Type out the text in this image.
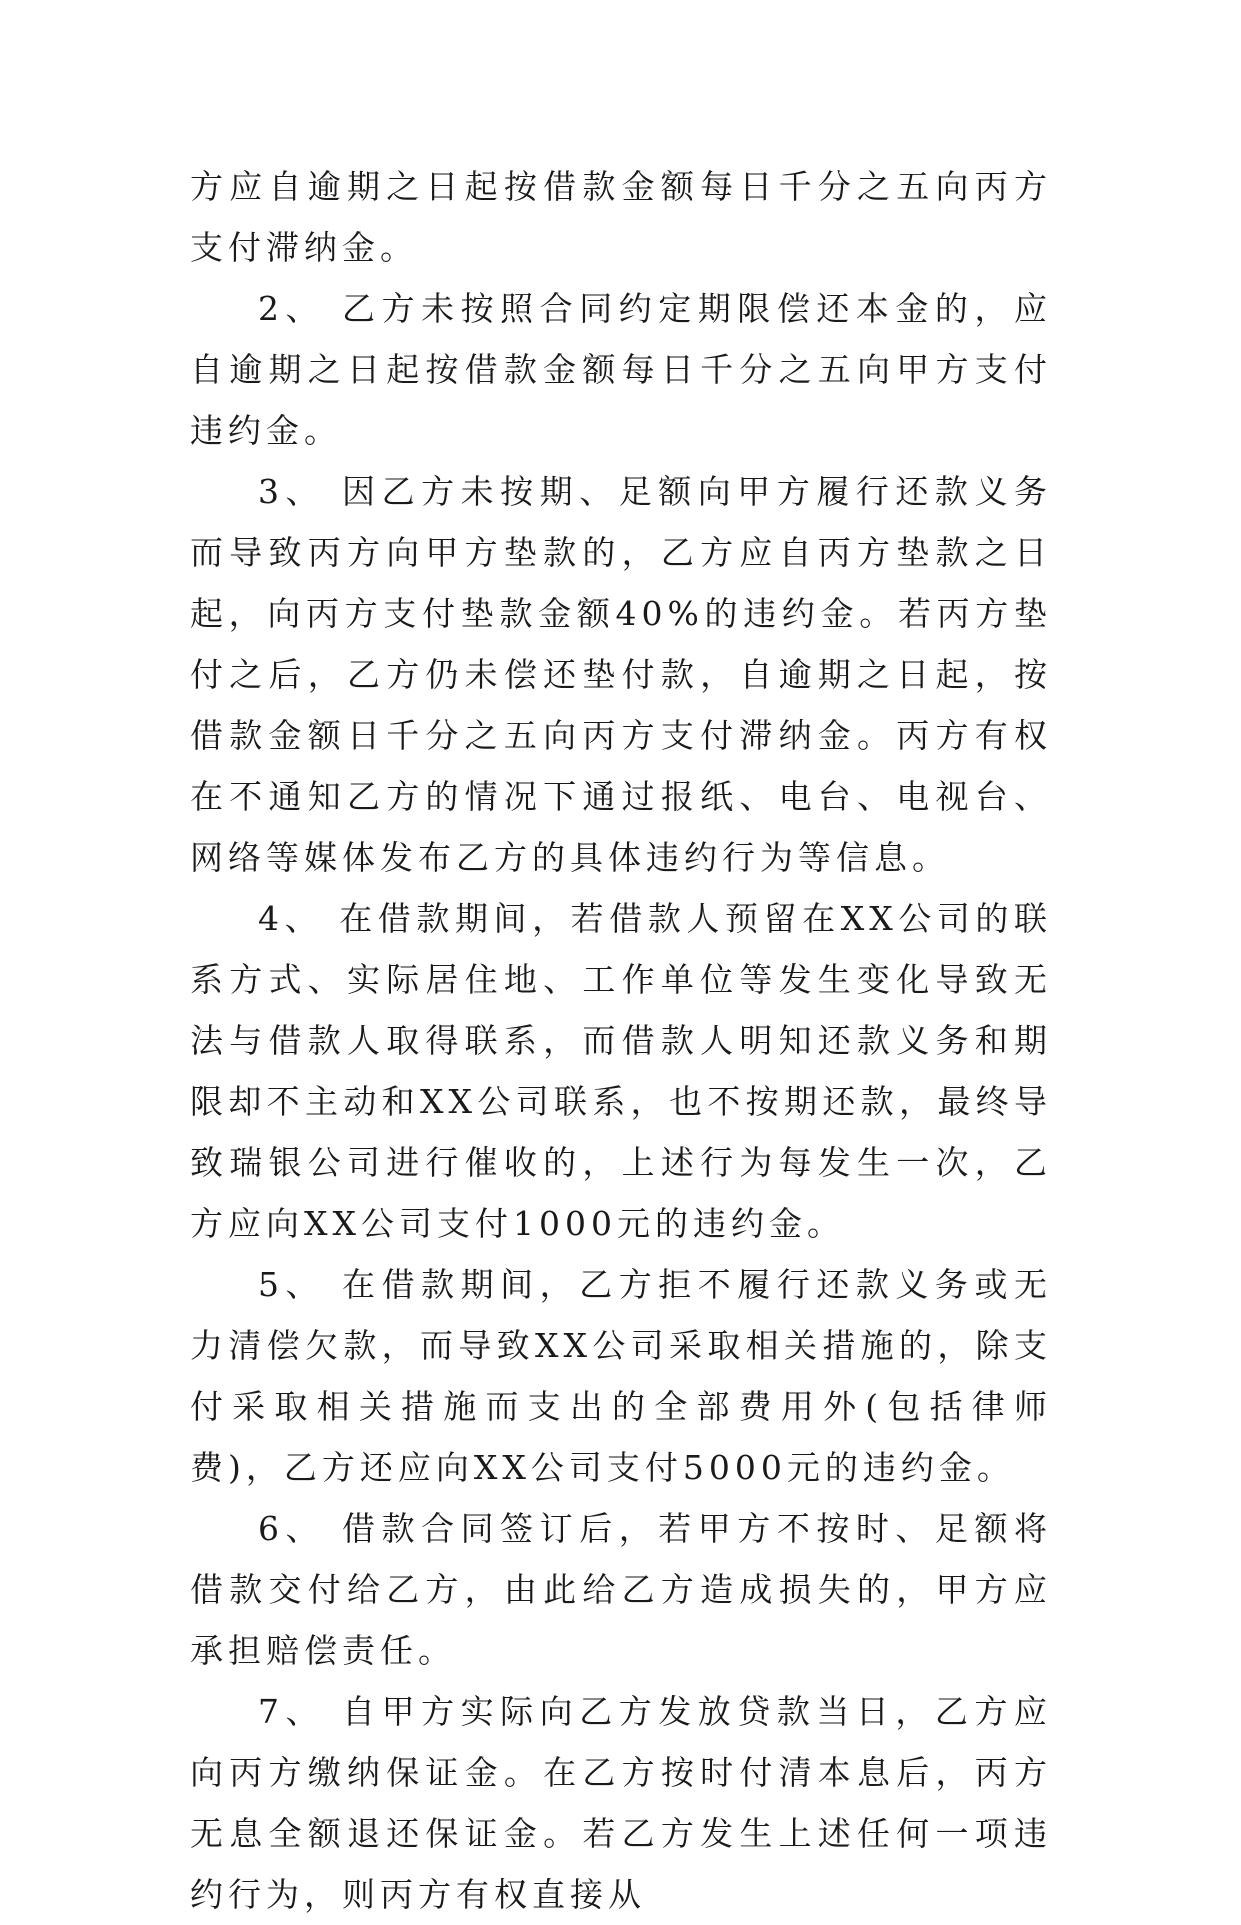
方应自逾期之日起按借款金额每日千分之五向丙方支付滞纳金。

2、 乙方未按照合同约定期限偿还本金的，应自逾期之日起按借款金额每日千分之五向甲方支付违约金。

3、 因乙方未按期、足额向甲方履行还款义务而导致丙方向甲方垫款的，乙方应自丙方垫款之日起，向丙方支付垫款金额40%的违约金。若丙方垫付之后，乙方仍未偿还垫付款，自逾期之日起，按借款金额日千分之五向丙方支付滞纳金。丙方有权在不通知乙方的情况下通过报纸、电台、电视台、网络等媒体发布乙方的具体违约行为等信息。

4、 在借款期间，若借款人预留在XX公司的联系方式、实际居住地、工作单位等发生变化导致无法与借款人取得联系，而借款人明知还款义务和期限却不主动和XX公司联系，也不按期还款，最终导致瑞银公司进行催收的，上述行为每发生一次，乙方应向XX公司支付1000元的违约金。

5、 在借款期间，乙方拒不履行还款义务或无力清偿欠款，而导致XX公司采取相关措施的，除支付采取相关措施而支出的全部费用外(包括律师费)，乙方还应向XX公司支付5000元的违约金。

6、 借款合同签订后，若甲方不按时、足额将借款交付给乙方，由此给乙方造成损失的，甲方应承担赔偿责任。

7、 自甲方实际向乙方发放贷款当日，乙方应向丙方缴纳保证金。在乙方按时付清本息后，丙方无息全额退还保证金。若乙方发生上述任何一项违约行为，则丙方有权直接从
